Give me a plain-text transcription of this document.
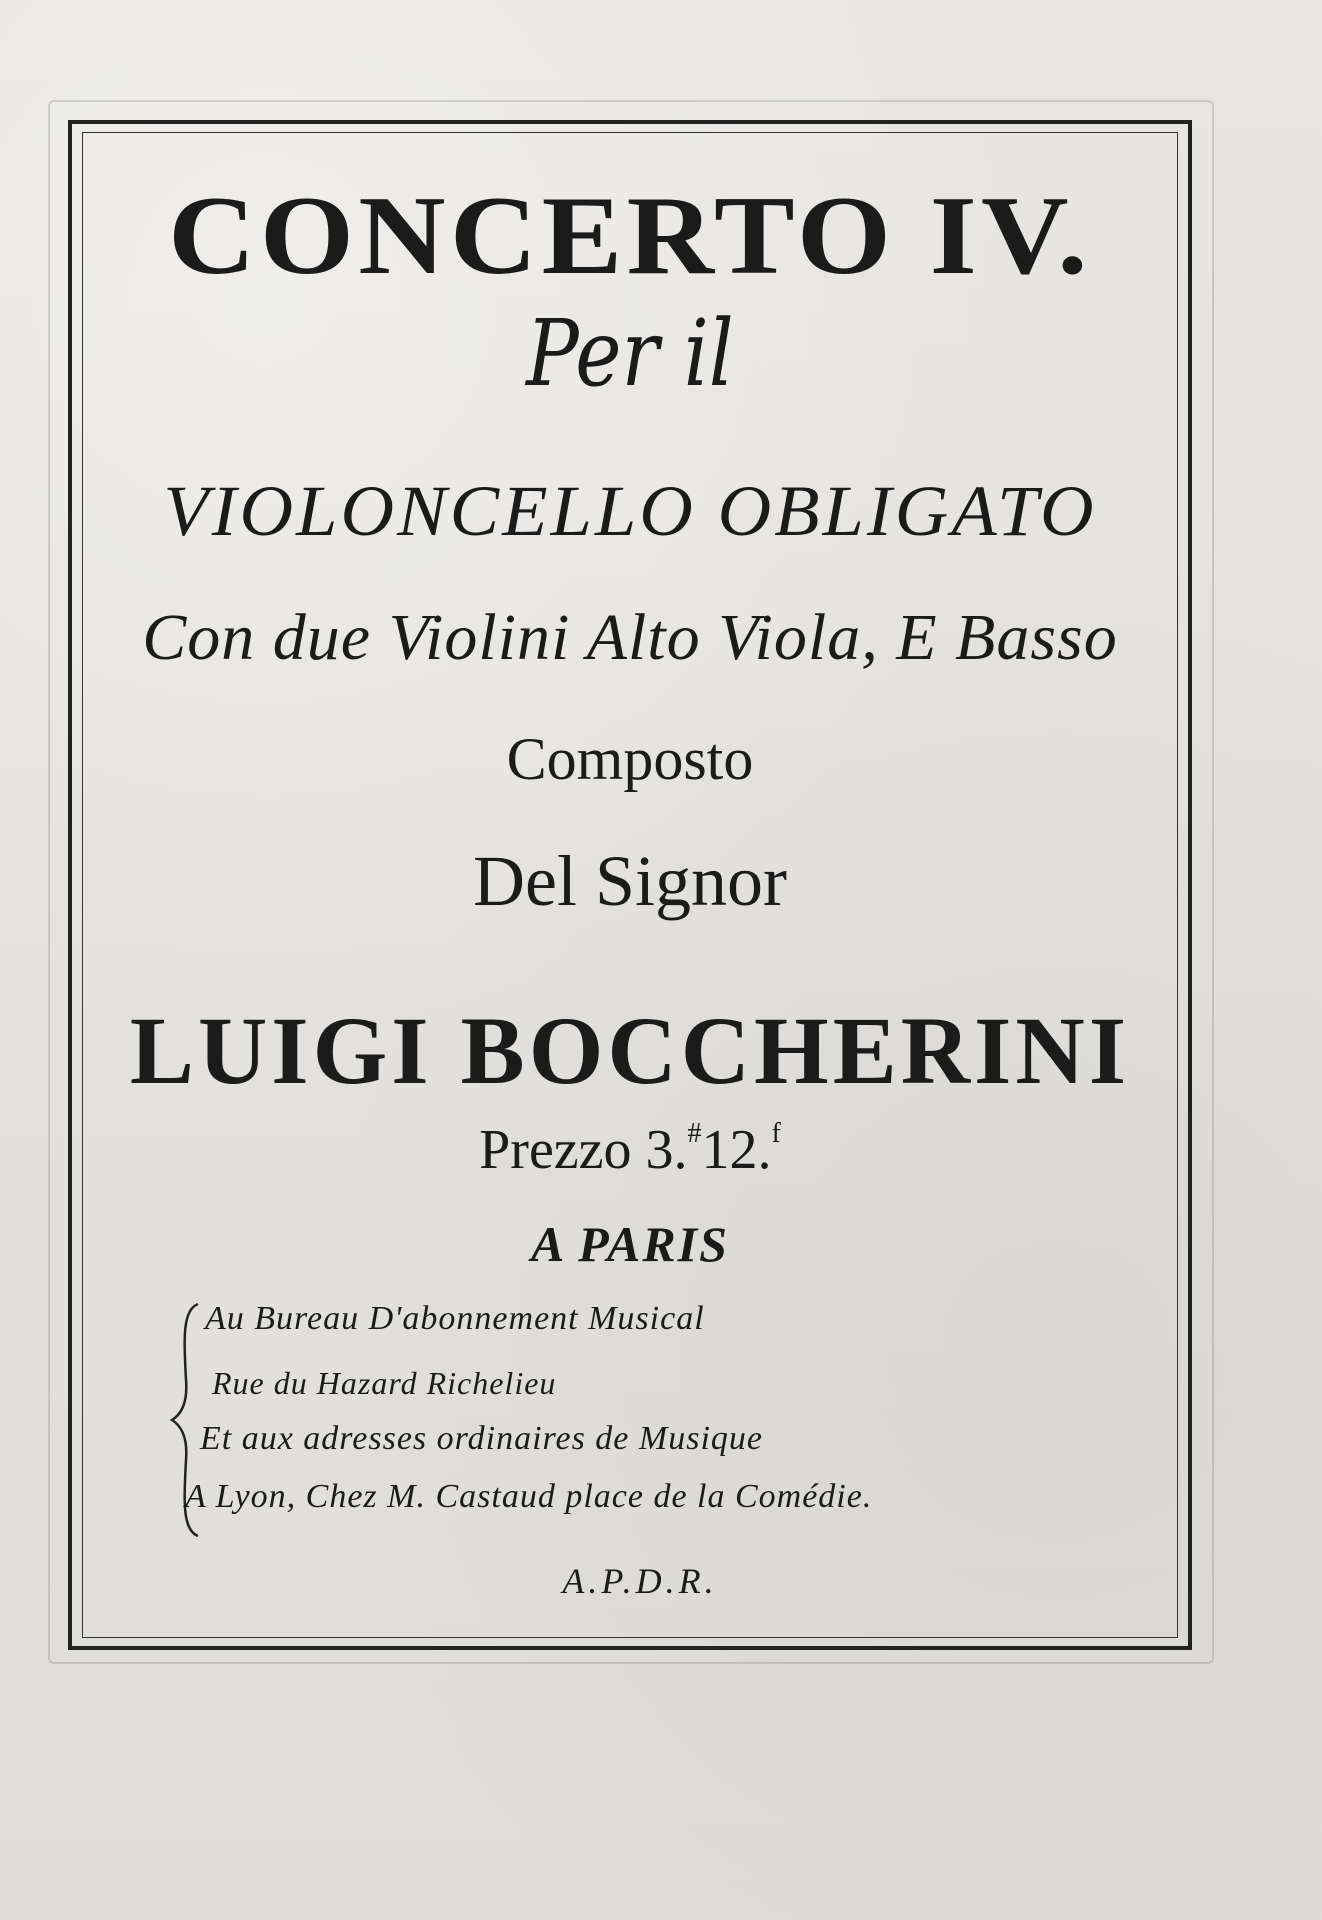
CONCERTO IV.
Per il
VIOLONCELLO OBLIGATO
Con due Violini Alto Viola, E Basso
Composto
Del Signor
LUIGI BOCCHERINI
Prezzo 3.#12.$^f$
A PARIS
Au Bureau D'abonnement Musical
Rue du Hazard Richelieu
Et aux adresses ordinaires de Musique
A Lyon, Chez M. Castaud place de la Comédie.
A.P.D.R.
